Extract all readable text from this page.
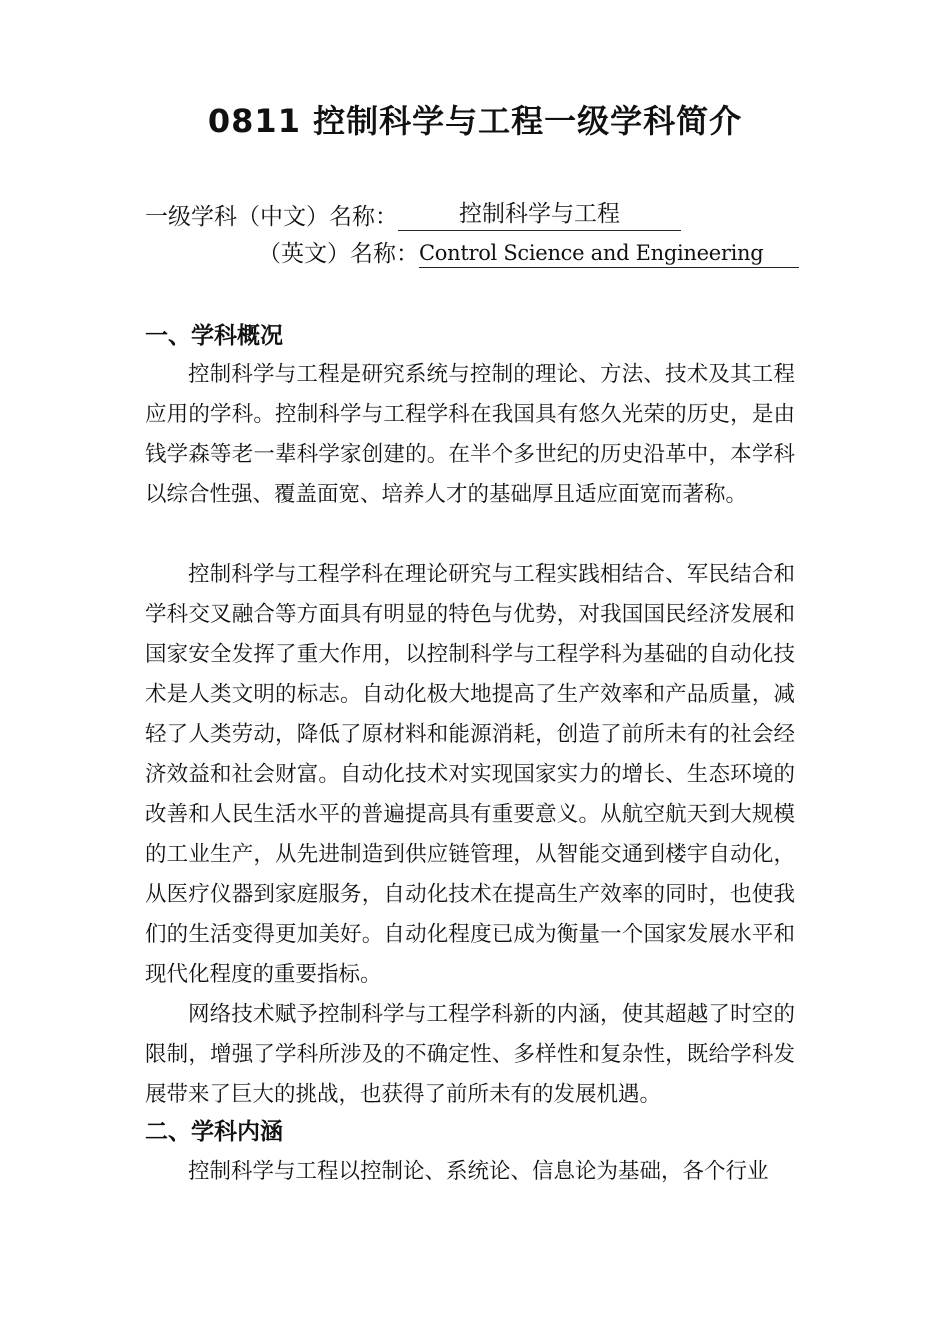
0811 控制科学与工程一级学科简介
一级学科（中文）名称：	控制科学与工程
（英文）名称：Control Science and Engineering
一、学科概况

控制科学与工程是研究系统与控制的理论、方法、技术及其工程应用的学科。控制科学与工程学科在我国具有悠久光荣的历史，是由钱学森等老一辈科学家创建的。在半个多世纪的历史沿革中，本学科以综合性强、覆盖面宽、培养人才的基础厚且适应面宽而著称。

控制科学与工程学科在理论研究与工程实践相结合、军民结合和学科交叉融合等方面具有明显的特色与优势，对我国国民经济发展和国家安全发挥了重大作用，以控制科学与工程学科为基础的自动化技术是人类文明的标志。自动化极大地提高了生产效率和产品质量，减轻了人类劳动，降低了原材料和能源消耗，创造了前所未有的社会经济效益和社会财富。自动化技术对实现国家实力的增长、生态环境的改善和人民生活水平的普遍提高具有重要意义。从航空航天到大规模的工业生产，从先进制造到供应链管理，从智能交通到楼宇自动化，从医疗仪器到家庭服务，自动化技术在提高生产效率的同时，也使我们的生活变得更加美好。自动化程度已成为衡量一个国家发展水平和现代化程度的重要指标。

网络技术赋予控制科学与工程学科新的内涵，使其超越了时空的限制，增强了学科所涉及的不确定性、多样性和复杂性，既给学科发展带来了巨大的挑战，也获得了前所未有的发展机遇。

二、学科内涵

控制科学与工程以控制论、系统论、信息论为基础，各个行业
